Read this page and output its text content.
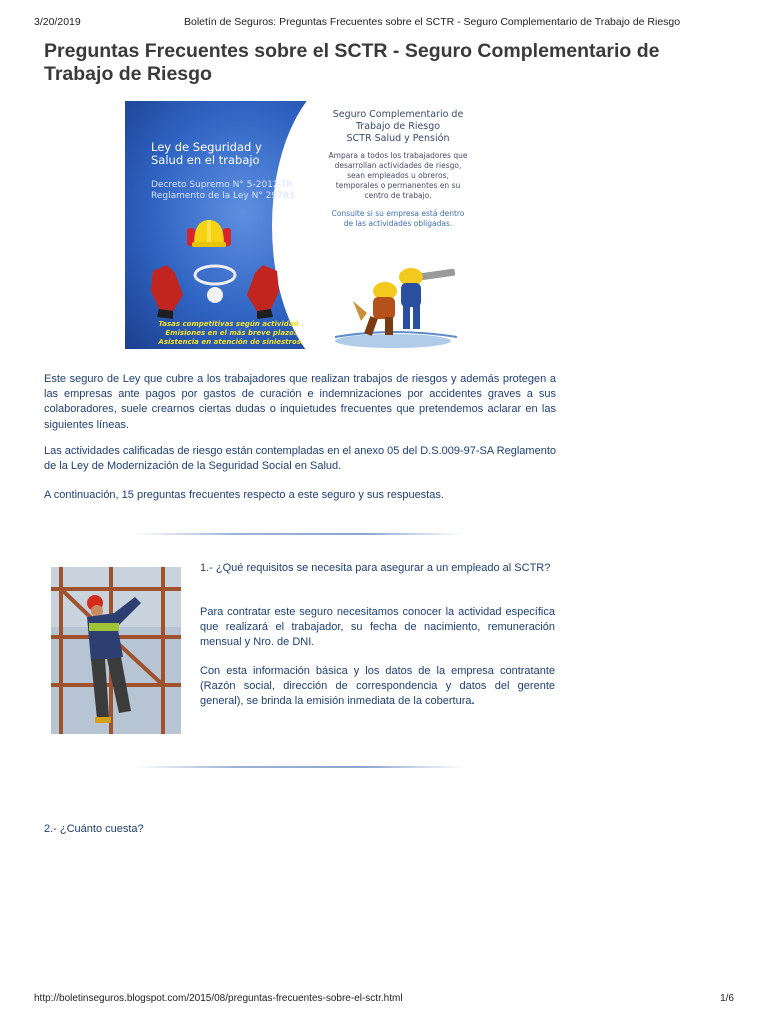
3/20/2019	Boletín de Seguros: Preguntas Frecuentes sobre el SCTR - Seguro Complementario de Trabajo de Riesgo
Preguntas Frecuentes sobre el SCTR - Seguro Complementario de Trabajo de Riesgo
Ley de Seguridad y
Salud en el trabajo
Decreto Supremo N° 5-2012-TR
Reglamento de la Ley N° 29783
Tasas competitivas según actividad .
Emisiones en el más breve plazo.
Asistencia en atención de siniestros.
Seguro Complementario de
Trabajo de Riesgo
SCTR Salud y Pensión
Ampara a todos los trabajadores que
desarrollan actividades de riesgo,
sean empleados u obreros,
temporales o permanentes en su
centro de trabajo.
Consulte si su empresa está dentro
de las actividades obligadas.

Este seguro de Ley que cubre a los trabajadores que realizan trabajos de riesgos y además protegen a las empresas ante pagos por gastos de curación e indemnizaciones por accidentes graves a sus colaboradores, suele crearnos ciertas dudas o inquietudes frecuentes que pretendemos aclarar en las siguientes líneas.

Las actividades calificadas de riesgo están contempladas en el anexo 05 del D.S.009-97-SA Reglamento de la Ley de Modernización de la Seguridad Social en Salud.

A continuación, 15 preguntas frecuentes respecto a este seguro y sus respuestas.

1.- ¿Qué requisitos se necesita para asegurar a un empleado al SCTR?

Para contratar este seguro necesitamos conocer la actividad específica que realizará el trabajador, su fecha de nacimiento, remuneración mensual y Nro. de DNI.

Con esta información básica y los datos de la empresa contratante (Razón social, dirección de correspondencia y datos del gerente general), se brinda la emisión inmediata de la cobertura.

2.- ¿Cuánto cuesta?

http://boletinseguros.blogspot.com/2015/08/preguntas-frecuentes-sobre-el-sctr.html	1/6
